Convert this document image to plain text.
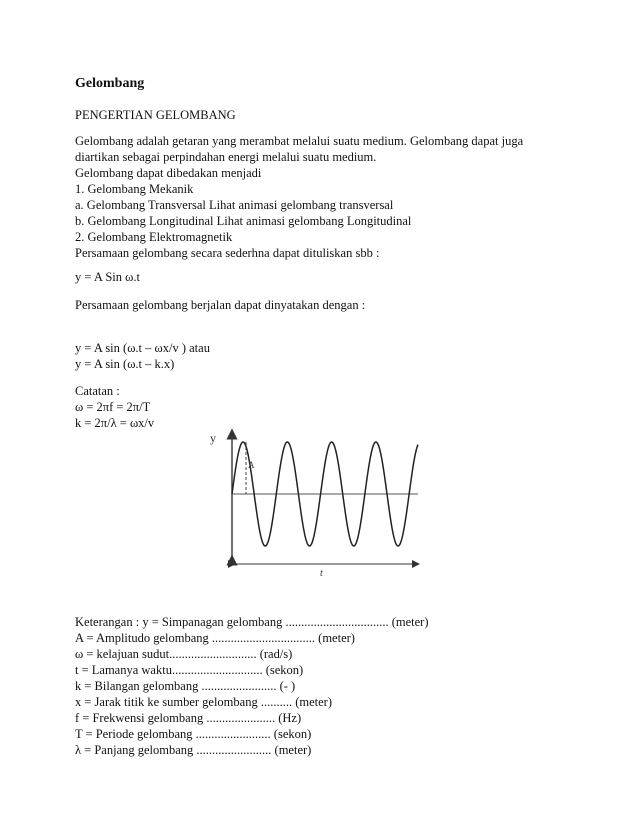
Gelombang
PENGERTIAN GELOMBANG
Gelombang adalah getaran yang merambat melalui suatu medium. Gelombang dapat juga
diartikan sebagai perpindahan energi melalui suatu medium.
Gelombang dapat dibedakan menjadi
1. Gelombang Mekanik
a. Gelombang Transversal Lihat animasi gelombang transversal
b. Gelombang Longitudinal Lihat animasi gelombang Longitudinal
2. Gelombang Elektromagnetik
Persamaan gelombang secara sederhna dapat dituliskan sbb :
y = A Sin ω.t
Persamaan gelombang berjalan dapat dinyatakan dengan :
y = A sin (ω.t – ωx/v ) atau
y = A sin (ω.t – k.x)
Catatan :
ω = 2πf = 2π/T
k = 2π/λ = ωx/v
y
A
t
Keterangan : y = Simpanagan gelombang ................................. (meter)
A = Amplitudo gelombang ................................. (meter)
ω = kelajuan sudut............................ (rad/s)
t = Lamanya waktu............................. (sekon)
k = Bilangan gelombang ........................ (- )
x = Jarak titik ke sumber gelombang .......... (meter)
f = Frekwensi gelombang ...................... (Hz)
T = Periode gelombang ........................ (sekon)
λ = Panjang gelombang ........................ (meter)
